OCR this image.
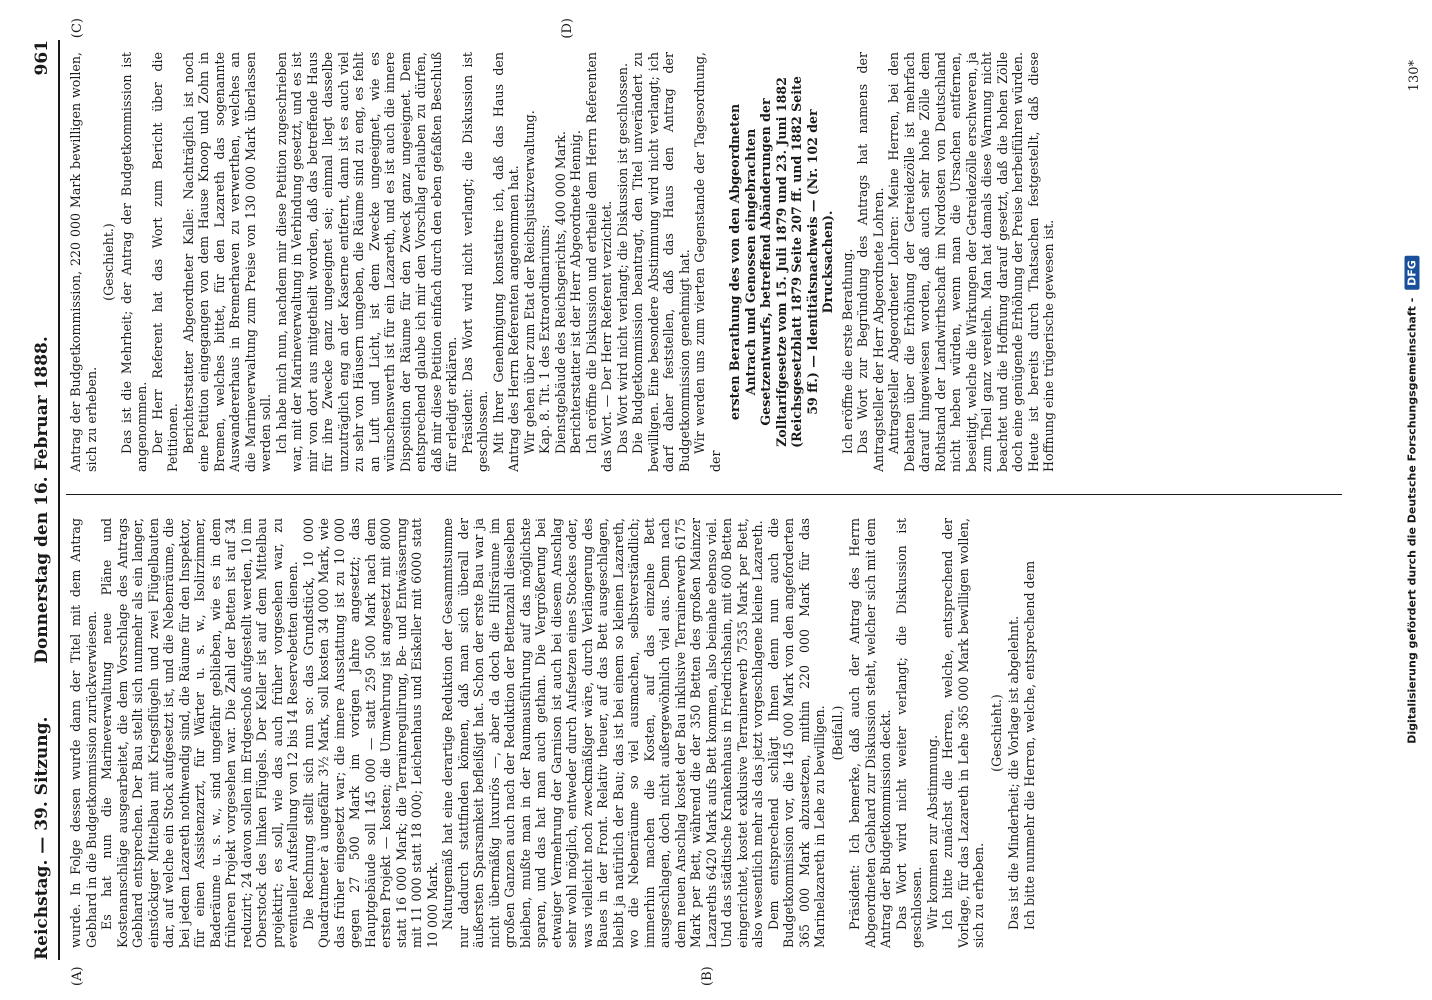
Reichstag. — 39. Sitzung.
Donnerstag den 16. Februar 1888.
961
(A)	(B)
(C)	(D)

wurde. In Folge dessen wurde dann der Titel mit dem Antrag Gebhard in die Budgetkommission zurückverwiesen. Es hat nun die Marineverwaltung neue Pläne und Kostenanschläge ausgearbeitet, die dem Vorschlage des Antrags Gebhard entsprechen. Der Bau stellt sich nunmehr als ein langer, einstöckiger Mittelbau mit Kriegsflügeln und zwei Flügelbauten dar, auf welche ein Stock aufgesetzt ist, und die Nebenräume, die bei jedem Lazareth nothwendig sind, die Räume für den Inspektor, für einen Assistenzarzt, für Wärter u. s. w., Isolirzimmer, Baderäume u. s. w., sind ungefähr geblieben, wie es in dem früheren Projekt vorgesehen war. Die Zahl der Betten ist auf 34 reduzirt; 24 davon sollen im Erdgeschoß aufgestellt werden, 10 im Oberstock des linken Flügels. Der Keller ist auf dem Mittelbau projektirt; es soll, wie das auch früher vorgesehen war, zu eventueller Aufstellung von 12 bis 14 Reservebetten dienen. Die Rechnung stellt sich nun so: das Grundstück, 10 000 Quadratmeter à ungefähr 3½ Mark, soll kosten 34 000 Mark, wie das früher eingesetzt war; die innere Ausstattung ist zu 10 000 gegen 27 500 Mark im vorigen Jahre angesetzt; das Hauptgebäude soll 145 000 — statt 259 500 Mark nach dem ersten Projekt — kosten; die Umwehrung ist angesetzt mit 8000 statt 16 000 Mark; die Terrainregulirung, Be- und Entwässerung mit 11 000 statt 18 000; Leichenhaus und Eiskeller mit 6000 statt 10 000 Mark. Naturgemäß hat eine derartige Reduktion der Gesammtsumme nur dadurch stattfinden können, daß man sich überall der äußersten Sparsamkeit befleißigt hat. Schon der erste Bau war ja nicht übermäßig luxuriös —, aber da doch die Hilfsräume im großen Ganzen auch nach der Reduktion der Bettenzahl dieselben bleiben, mußte man in der Raumausführung auf das möglichste sparen, und das hat man auch gethan. Die Vergrößerung bei etwaiger Vermehrung der Garnison ist auch bei diesem Anschlag sehr wohl möglich, entweder durch Aufsetzen eines Stockes oder, was vielleicht noch zweckmäßiger wäre, durch Verlängerung des Baues in der Front. Relativ theuer, auf das Bett ausgeschlagen, bleibt ja natürlich der Bau; das ist bei einem so kleinen Lazareth, wo die Nebenräume so viel ausmachen, selbstverständlich; immerhin machen die Kosten, auf das einzelne Bett ausgeschlagen, doch nicht außergewöhnlich viel aus. Denn nach dem neuen Anschlag kostet der Bau inklusive Terrainerwerb 6175 Mark per Bett, während die der 350 Betten des großen Mainzer Lazareths 6420 Mark aufs Bett kommen, also beinahe ebenso viel. Und das städtische Krankenhaus in Friedrichshain, mit 600 Betten eingerichtet, kostet exklusive Terrainerwerb 7535 Mark per Bett, also wesentlich mehr als das jetzt vorgeschlagene kleine Lazareth. Dem entsprechend schlägt Ihnen denn nun auch die Budgetkommission vor, die 145 000 Mark von den angeforderten 365 000 Mark abzusetzen, mithin 220 000 Mark für das Marinelazareth in Lehe zu bewilligen. (Beifall.) Präsident: Ich bemerke, daß auch der Antrag des Herrn Abgeordneten Gebhard zur Diskussion steht, welcher sich mit dem Antrag der Budgetkommission deckt. Das Wort wird nicht weiter verlangt; die Diskussion ist geschlossen. Wir kommen zur Abstimmung. Ich bitte zunächst die Herren, welche, entsprechend der Vorlage, für das Lazareth in Lehe 365 000 Mark bewilligen wollen, sich zu erheben.

(Geschieht.) Das ist die Minderheit; die Vorlage ist abgelehnt. Ich bitte nunmehr die Herren, welche, entsprechend dem

Antrag der Budgetkommission, 220 000 Mark bewilligen wollen, sich zu erheben.

(Geschieht.) Das ist die Mehrheit; der Antrag der Budgetkommission ist angenommen. Der Herr Referent hat das Wort zum Bericht über die Petitionen. Berichterstatter Abgeordneter Kalle: Nachträglich ist noch eine Petition eingegangen von dem Hause Knoop und Zohn in Bremen, welches bittet, für den Lazareth das sogenannte Auswandererhaus in Bremerhaven zu verwerthen, welches an die Marineverwaltung zum Preise von 130 000 Mark überlassen werden soll. Ich habe mich nun, nachdem mir diese Petition zugeschrieben war, mit der Marineverwaltung in Verbindung gesetzt, und es ist mir von dort aus mitgetheilt worden, daß das betreffende Haus für ihre Zwecke ganz ungeeignet sei; einmal liegt dasselbe unzuträglich eng an der Kaserne entfernt, dann ist es auch viel zu sehr von Häusern umgeben, die Räume sind zu eng, es fehlt an Luft und Licht, ist dem Zwecke ungeeignet, wie es wünschenswerth ist für ein Lazareth, und es ist auch die innere Disposition der Räume für den Zweck ganz ungeeignet. Dem entsprechend glaube ich mir den Vorschlag erlauben zu dürfen, daß mir diese Petition einfach durch den eben gefaßten Beschluß für erledigt erklären. Präsident: Das Wort wird nicht verlangt; die Diskussion ist geschlossen. Mit Ihrer Genehmigung konstatire ich, daß das Haus den Antrag des Herrn Referenten angenommen hat. Wir gehen über zum Etat der Reichsjustizverwaltung. Kap. 8. Tit. 1 des Extraordinariums: Dienstgebäude des Reichsgerichts, 400 000 Mark. Berichterstatter ist der Herr Abgeordnete Hennig. Ich eröffne die Diskussion und ertheile dem Herrn Referenten das Wort. — Der Herr Referent verzichtet. Das Wort wird nicht verlangt; die Diskussion ist geschlossen. Die Budgetkommission beantragt, den Titel unverändert zu bewilligen. Eine besondere Abstimmung wird nicht verlangt; ich darf daher feststellen, daß das Haus den Antrag der Budgetkommission genehmigt hat. Wir werden uns zum vierten Gegenstande der Tagesordnung, der

ersten Berathung des von den Abgeordneten Antrach und Genossen eingebrachten Gesetzentwurfs, betreffend Abänderungen der Zolltarifgesetze vom 15. Juli 1879 und 23. Juni 1882 (Reichsgesetzblatt 1879 Seite 207 ff. und 1882 Seite 59 ff.) — Identitätsnachweis — (Nr. 102 der Drucksachen). Ich eröffne die erste Berathung. Das Wort zur Begründung des Antrags hat namens der Antragsteller der Herr Abgeordnete Lohren. Antragsteller Abgeordneter Lohren: Meine Herren, bei den Debatten über die Erhöhung der Getreidezölle ist mehrfach darauf hingewiesen worden, daß auch sehr hohe Zölle dem Rothstand der Landwirthschaft im Nordosten von Deutschland nicht heben würden, wenn man die Ursachen entfernen, beseitigt, welche die Wirkungen der Getreidezölle erschweren, ja zum Theil ganz vereiteln. Man hat damals diese Warnung nicht beachtet und die Hoffnung darauf gesetzt, daß die hohen Zölle doch eine genügende Erhöhung der Preise herbeiführen würden. Heute ist bereits durch Thatsachen festgestellt, daß diese Hoffnung eine trügerische gewesen ist.

130*
Digitalisierung gefördert durch die Deutsche Forschungsgemeinschaft - DFG
